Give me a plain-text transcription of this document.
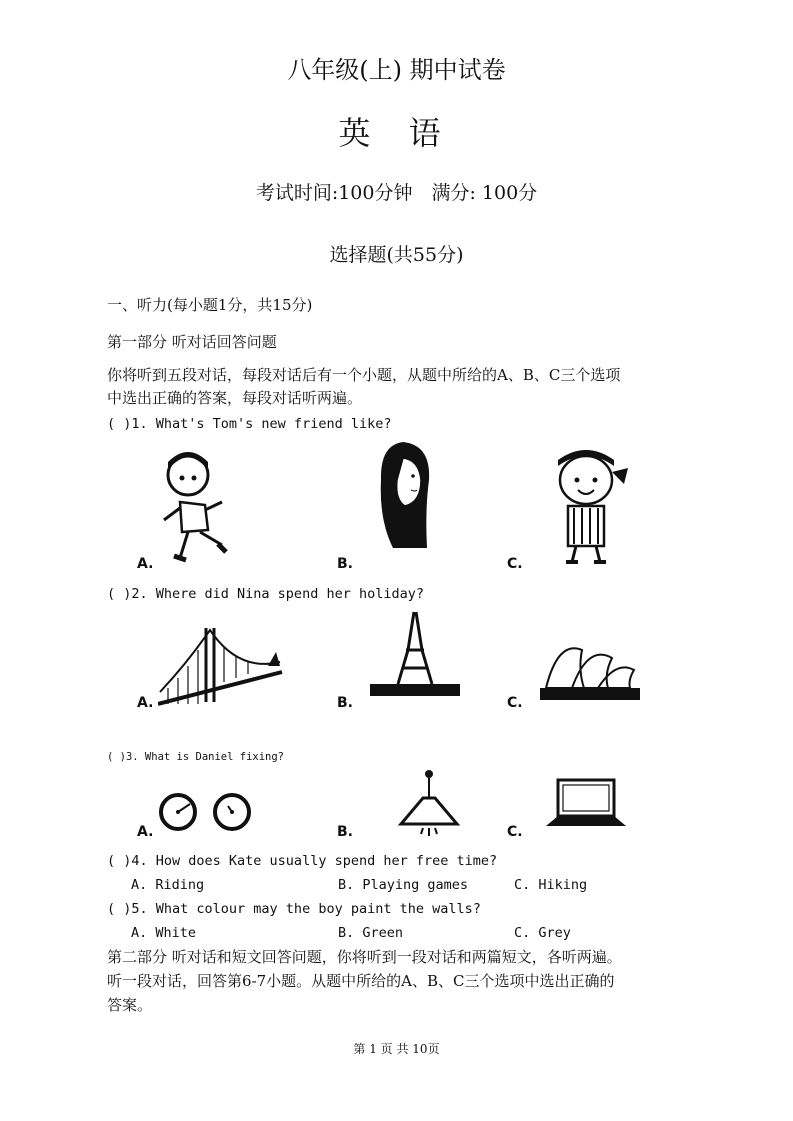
八年级(上) 期中试卷
英 语
考试时间:100分钟　满分: 100分
选择题(共55分)
一、听力(每小题1分，共15分)
第一部分 听对话回答问题
你将听到五段对话，每段对话后有一个小题，从题中所给的A、B、C三个选项
中选出正确的答案，每段对话听两遍。
( )1. What's Tom's new friend like?
A.	B.	C.
( )2. Where did Nina spend her holiday?
A.	B.	C.
( )3. What is Daniel fixing?
A.	B.	C.
( )4. How does Kate usually spend her free time?
A. Riding	B. Playing games	C. Hiking
( )5. What colour may the boy paint the walls?
A. White	B. Green	C. Grey
第二部分 听对话和短文回答问题，你将听到一段对话和两篇短文，各听两遍。
听一段对话，回答第6-7小题。从题中所给的A、B、C三个选项中选出正确的
答案。
第 1 页 共 10页
